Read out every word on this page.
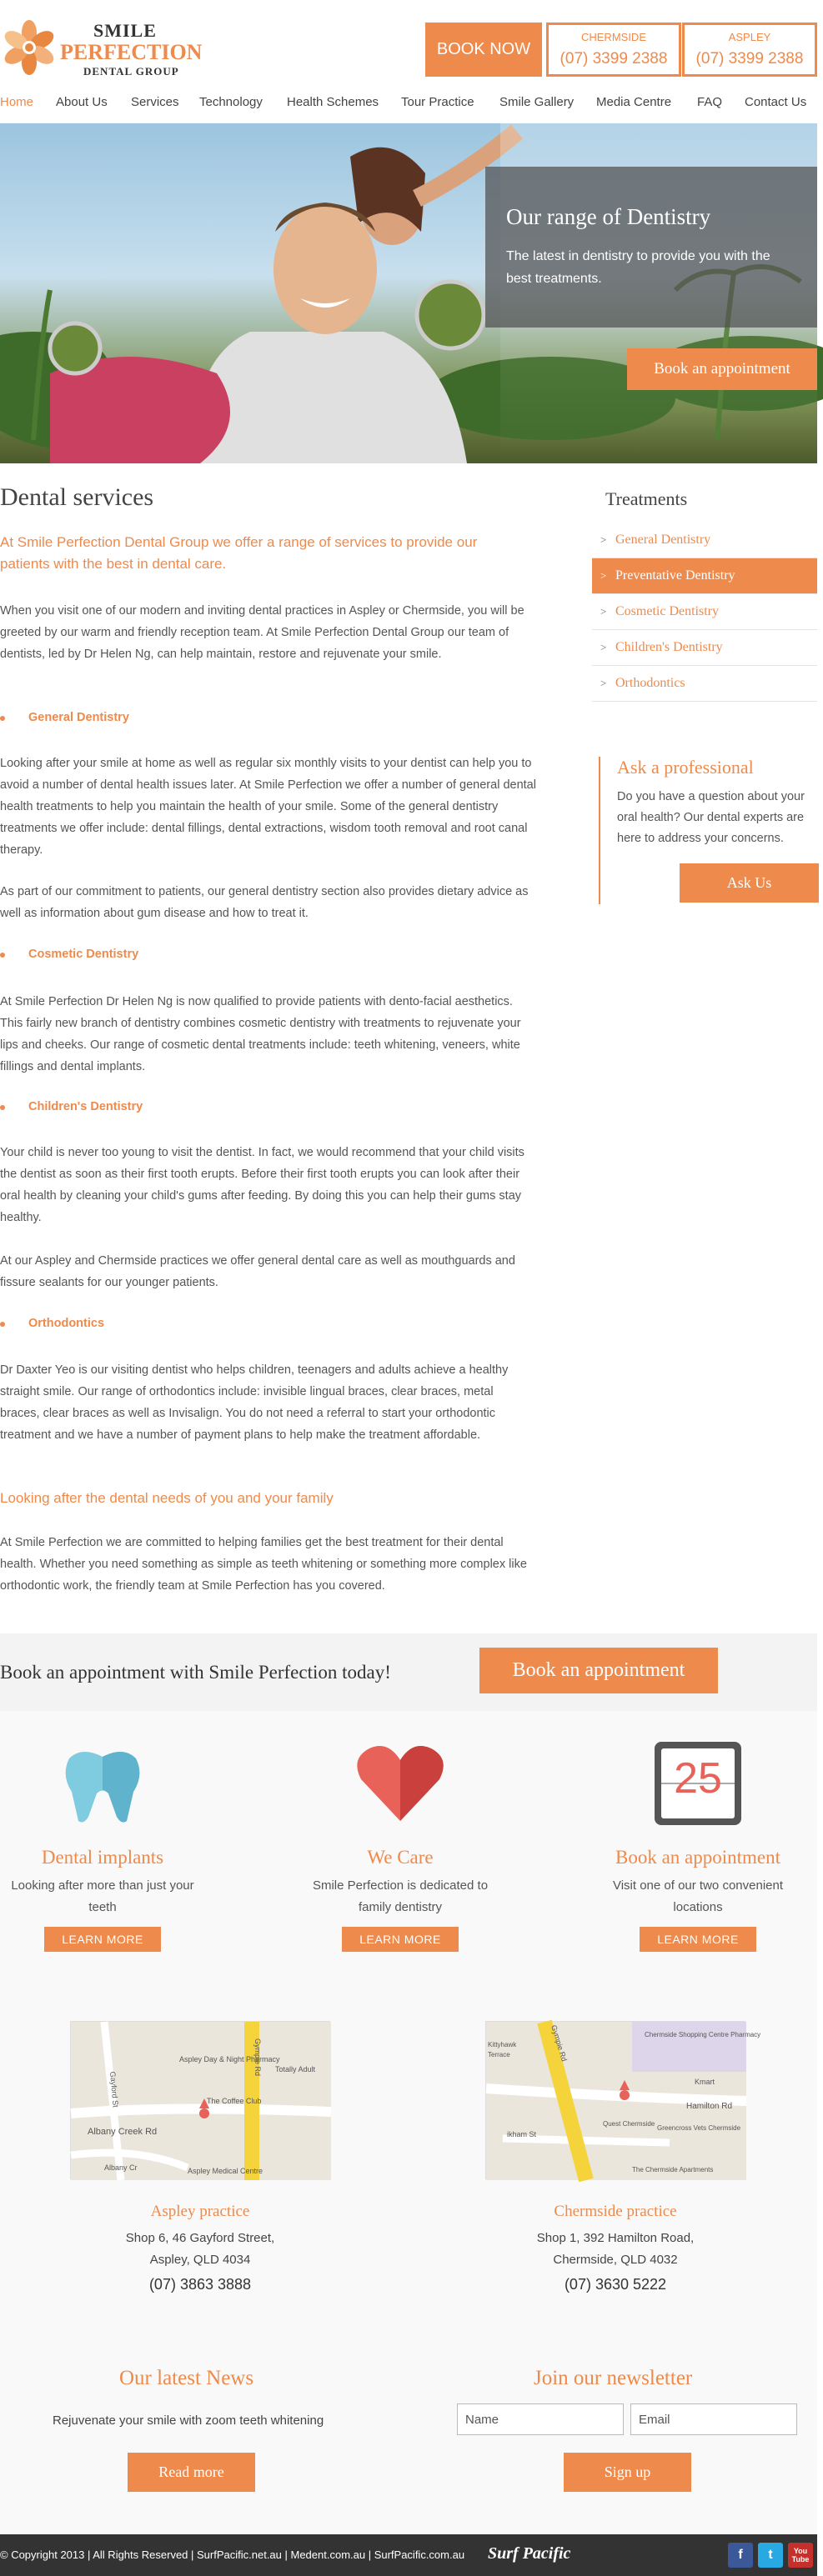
SMILE
PERFECTION
DENTAL GROUP
BOOK NOW
CHERMSIDE
(07) 3399 2388
ASPLEY
(07) 3399 2388
Home About Us Services Technology Health Schemes Tour Practice Smile Gallery Media Centre FAQ Contact Us
Our range of Dentistry
The latest in dentistry to provide you with the best treatments.
Book an appointment
Dental services
At Smile Perfection Dental Group we offer a range of services to provide our patients with the best in dental care.
When you visit one of our modern and inviting dental practices in Aspley or Chermside, you will be greeted by our warm and friendly reception team. At Smile Perfection Dental Group our team of dentists, led by Dr Helen Ng, can help maintain, restore and rejuvenate your smile.
General Dentistry
Looking after your smile at home as well as regular six monthly visits to your dentist can help you to avoid a number of dental health issues later. At Smile Perfection we offer a number of general dental health treatments to help you maintain the health of your smile. Some of the general dentistry treatments we offer include: dental fillings, dental extractions, wisdom tooth removal and root canal therapy.
As part of our commitment to patients, our general dentistry section also provides dietary advice as well as information about gum disease and how to treat it.
Cosmetic Dentistry
At Smile Perfection Dr Helen Ng is now qualified to provide patients with dento-facial aesthetics. This fairly new branch of dentistry combines cosmetic dentistry with treatments to rejuvenate your lips and cheeks. Our range of cosmetic dental treatments include: teeth whitening, veneers, white fillings and dental implants.
Children's Dentistry
Your child is never too young to visit the dentist. In fact, we would recommend that your child visits the dentist as soon as their first tooth erupts. Before their first tooth erupts you can look after their oral health by cleaning your child's gums after feeding. By doing this you can help their gums stay healthy.
At our Aspley and Chermside practices we offer general dental care as well as mouthguards and fissure sealants for our younger patients.
Orthodontics
Dr Daxter Yeo is our visiting dentist who helps children, teenagers and adults achieve a healthy straight smile. Our range of orthodontics include: invisible lingual braces, clear braces, metal braces, clear braces as well as Invisalign. You do not need a referral to start your orthodontic treatment and we have a number of payment plans to help make the treatment affordable.
Looking after the dental needs of you and your family
At Smile Perfection we are committed to helping families get the best treatment for their dental health. Whether you need something as simple as teeth whitening or something more complex like orthodontic work, the friendly team at Smile Perfection has you covered.
Treatments
> General Dentistry
> Preventative Dentistry
> Cosmetic Dentistry
> Children's Dentistry
> Orthodontics
Ask a professional
Do you have a question about your oral health? Our dental experts are here to address your concerns.
Ask Us
Book an appointment with Smile Perfection today!	Book an appointment
Dental implants
Looking after more than just your teeth
LEARN MORE
We Care
Smile Perfection is dedicated to family dentistry
LEARN MORE
25
Book an appointment
Visit one of our two convenient locations
LEARN MORE
Gayford St
Aspley Day & Night Pharmacy
Gympie Rd Totally Adult
The Coffee Club
Albany Creek Rd
Albany Cr	Aspley Medical Centre
Gympie Rd	Chermside Shopping Centre Pharmacy
Hamilton Rd
Kmart
Quest Chermside
Greencross Vets Chermside
Kittyhawk
Terrace
The Chermside Apartments
ikham St
Aspley practice
Shop 6, 46 Gayford Street,
Aspley, QLD 4034
(07) 3863 3888
Chermside practice
Shop 1, 392 Hamilton Road,
Chermside, QLD 4032
(07) 3630 5222
Our latest News
Rejuvenate your smile with zoom teeth whitening
Read more
Join our newsletter
Name	Email
Sign up
© Copyright 2013 | All Rights Reserved | SurfPacific.net.au | Medent.com.au | SurfPacific.com.au Surf Pacific	f	t	You Tube
